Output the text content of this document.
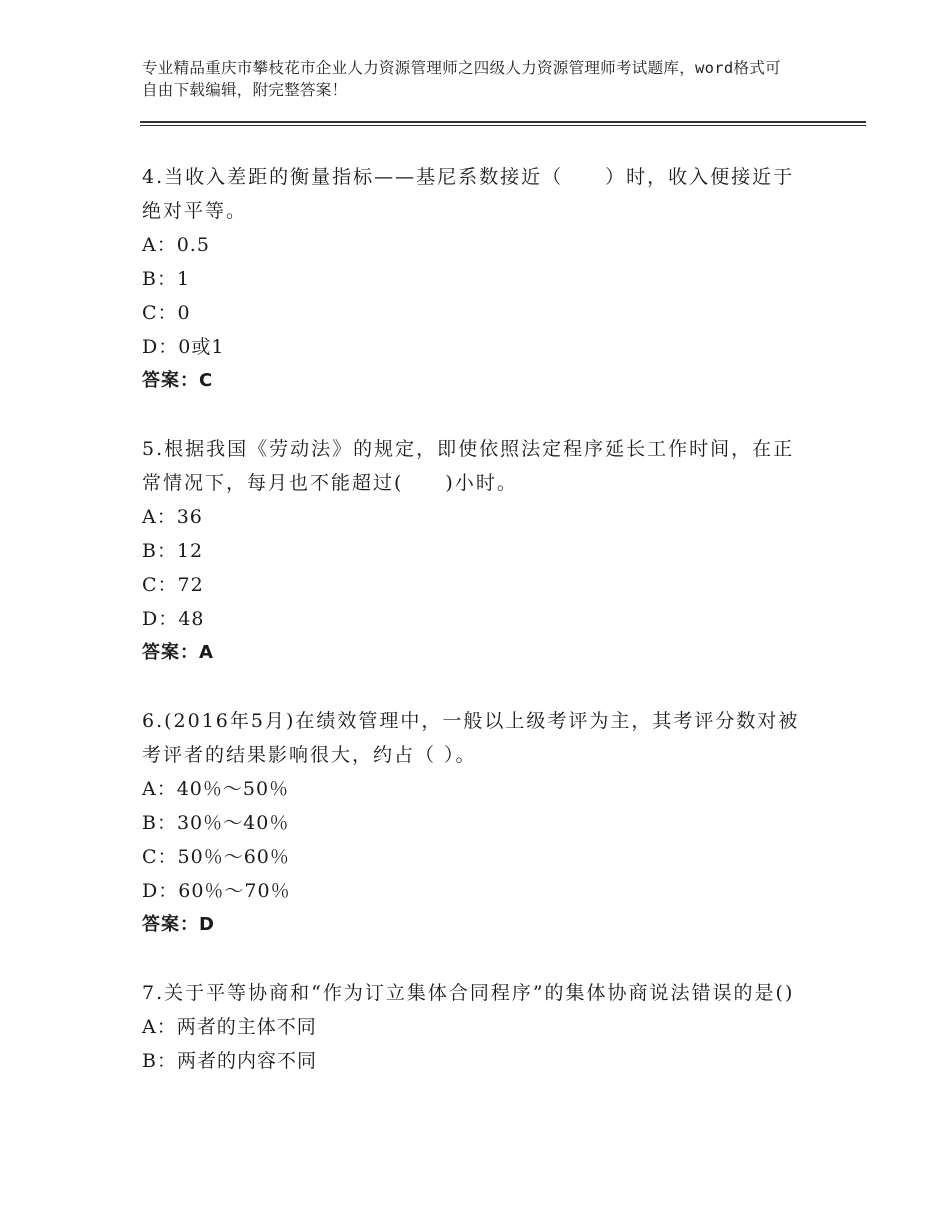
专业精品重庆市攀枝花市企业人力资源管理师之四级人力资源管理师考试题库，word格式可自由下载编辑，附完整答案！
4.当收入差距的衡量指标——基尼系数接近（　　）时，收入便接近于绝对平等。
A：0.5
B：1
C：0
D：0或1
答案：C
5.根据我国《劳动法》的规定，即使依照法定程序延长工作时间，在正常情况下，每月也不能超过(　　)小时。
A：36
B：12
C：72
D：48
答案：A
6.(2016年5月)在绩效管理中，一般以上级考评为主，其考评分数对被考评者的结果影响很大，约占（ ）。
A：40％～50％
B：30％～40％
C：50％～60％
D：60％～70％
答案：D
7.关于平等协商和“作为订立集体合同程序”的集体协商说法错误的是()
A：两者的主体不同
B：两者的内容不同
